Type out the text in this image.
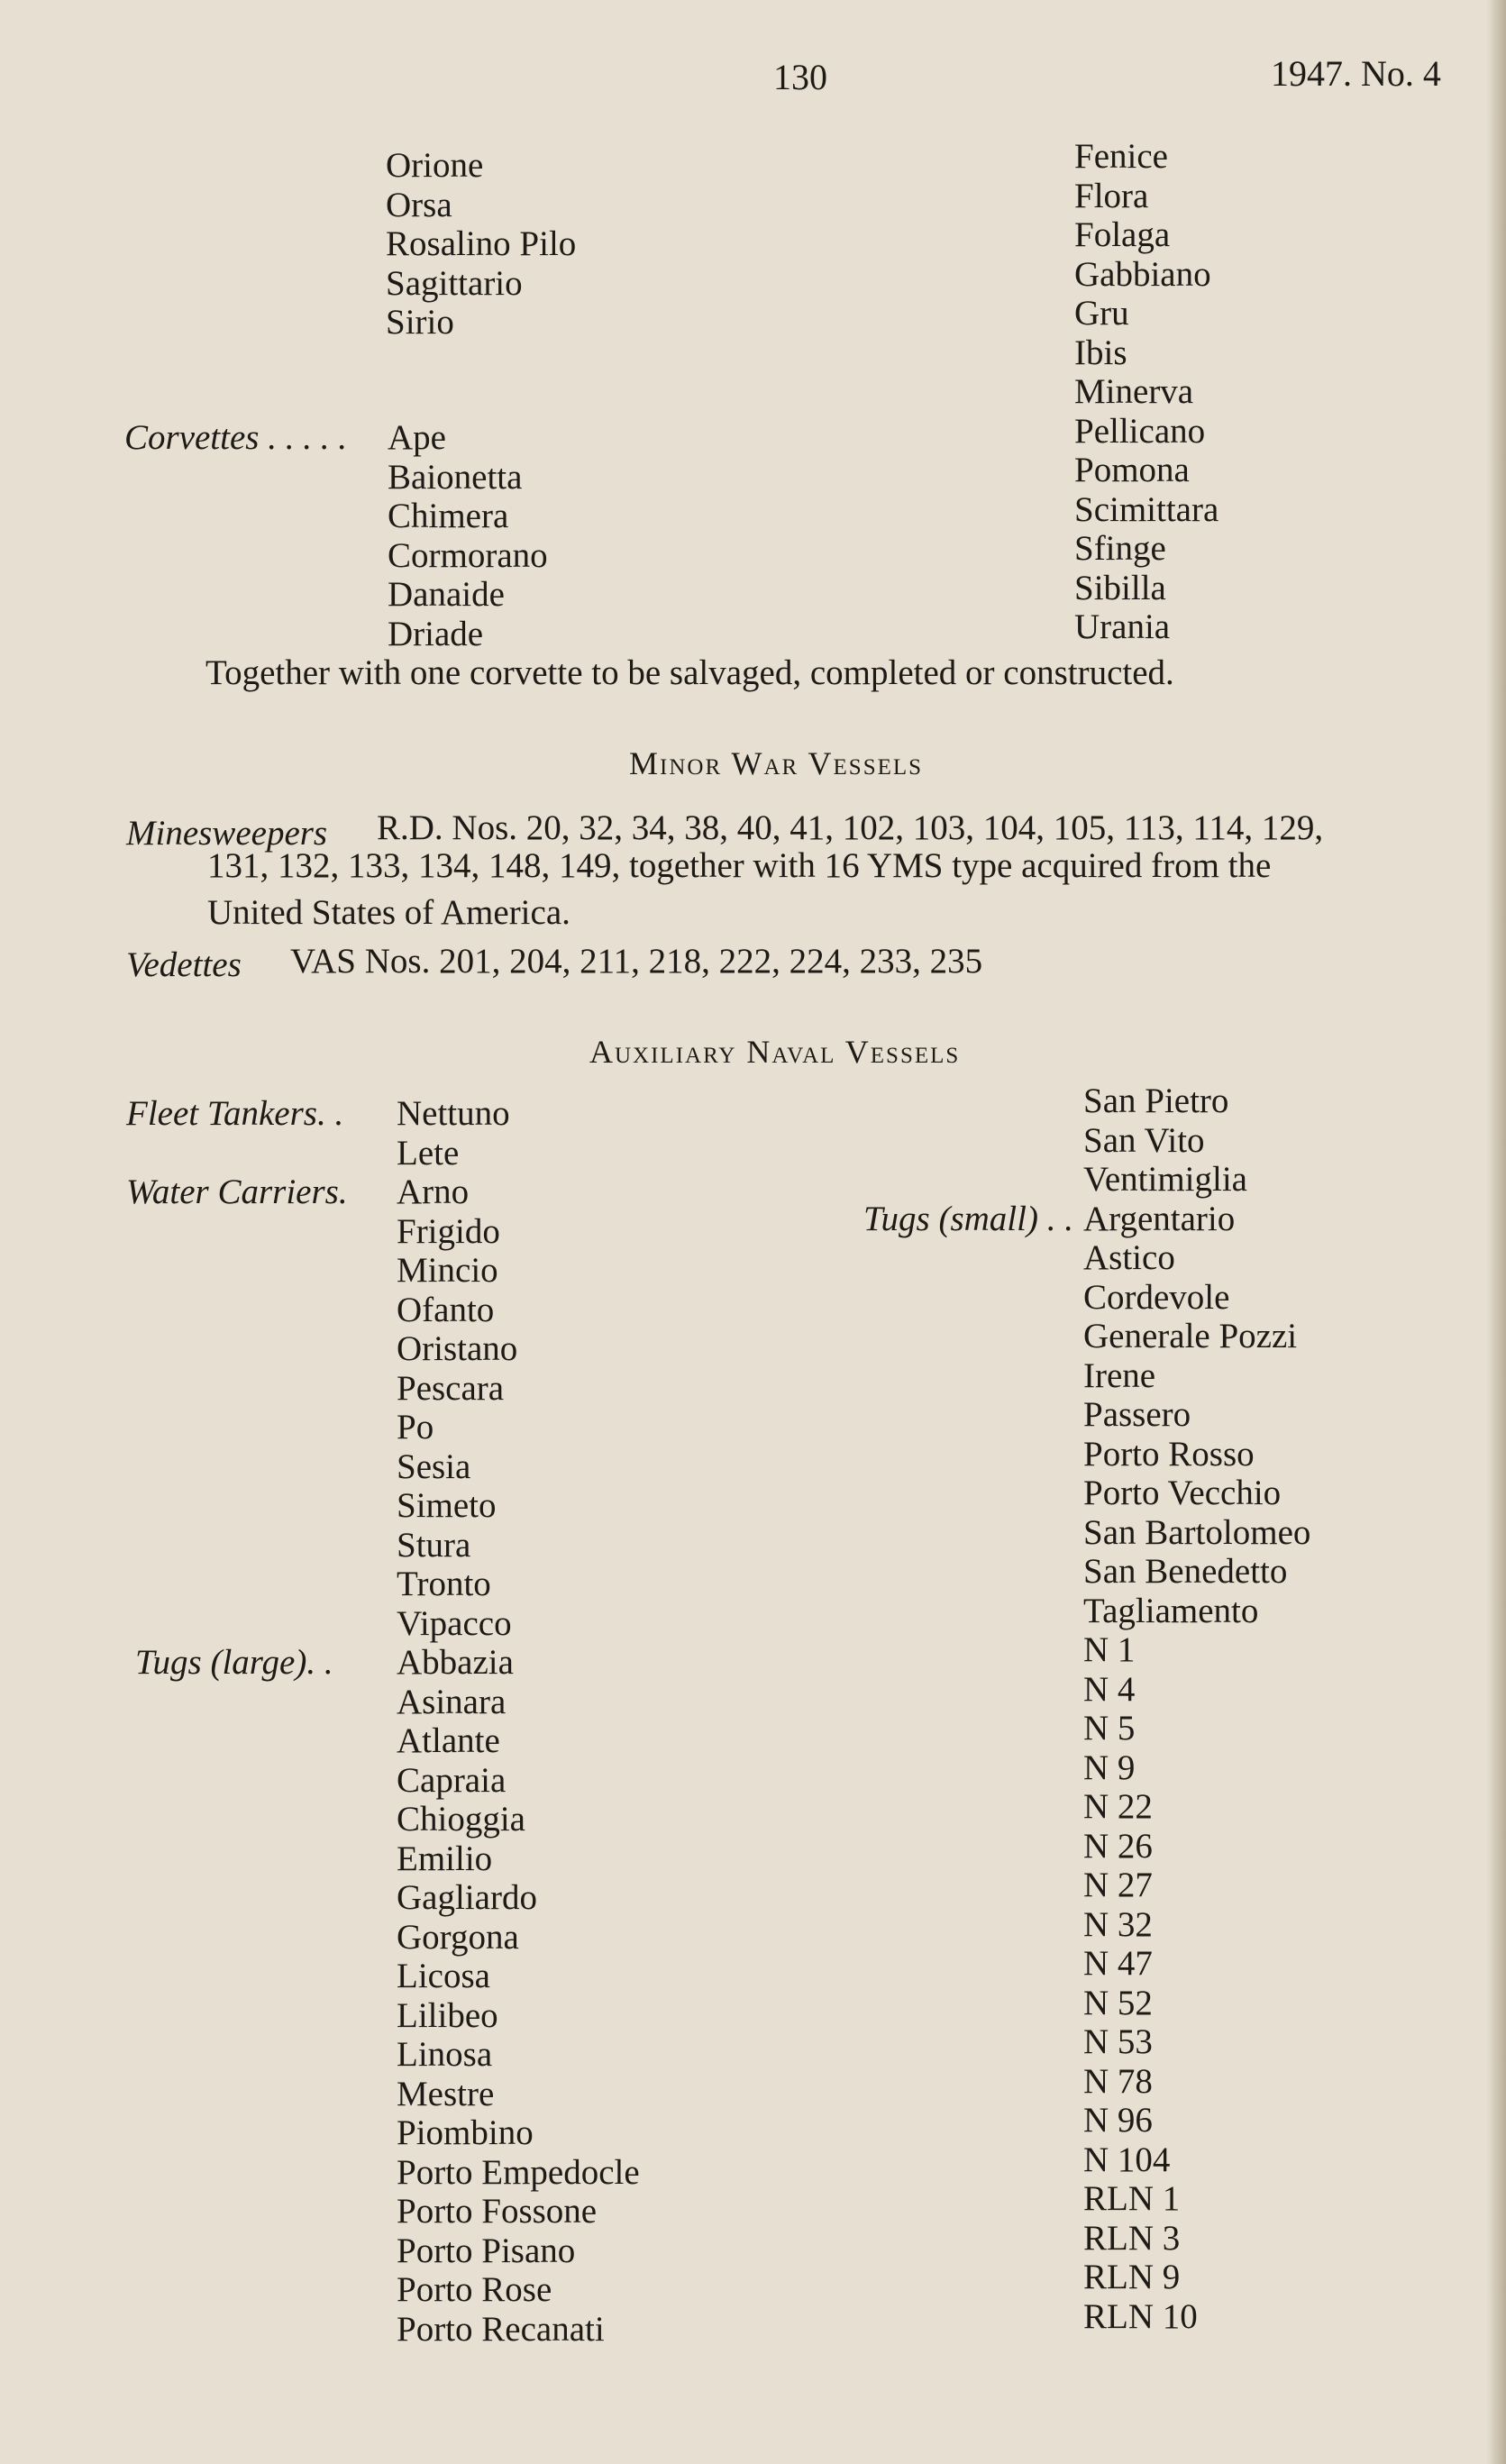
130	1947. No. 4
Orione
Orsa
Rosalino Pilo
Sagittario
Sirio
Corvettes . . . . . Ape
Baionetta
Chimera
Cormorano
Danaide
Driade
Fenice
Flora
Folaga
Gabbiano
Gru
Ibis
Minerva
Pellicano
Pomona
Scimittara
Sfinge
Sibilla
Urania
Together with one corvette to be salvaged, completed or constructed.
Minor War Vessels
Minesweepers R.D. Nos. 20, 32, 34, 38, 40, 41, 102, 103, 104, 105, 113, 114, 129,
131, 132, 133, 134, 148, 149, together with 16 YMS type acquired from the
United States of America.
Vedettes VAS Nos. 201, 204, 211, 218, 222, 224, 233, 235
Auxiliary Naval Vessels
Fleet Tankers. .
Water Carriers.
Tugs (large). .
Nettuno
Lete
Arno
Frigido
Mincio
Ofanto
Oristano
Pescara
Po
Sesia
Simeto
Stura
Tronto
Vipacco
Abbazia
Asinara
Atlante
Capraia
Chioggia
Emilio
Gagliardo
Gorgona
Licosa
Lilibeo
Linosa
Mestre
Piombino
Porto Empedocle
Porto Fossone
Porto Pisano
Porto Rose
Porto Recanati
Tugs (small) . .
San Pietro
San Vito
Ventimiglia
Argentario
Astico
Cordevole
Generale Pozzi
Irene
Passero
Porto Rosso
Porto Vecchio
San Bartolomeo
San Benedetto
Tagliamento
N 1
N 4
N 5
N 9
N 22
N 26
N 27
N 32
N 47
N 52
N 53
N 78
N 96
N 104
RLN 1
RLN 3
RLN 9
RLN 10
